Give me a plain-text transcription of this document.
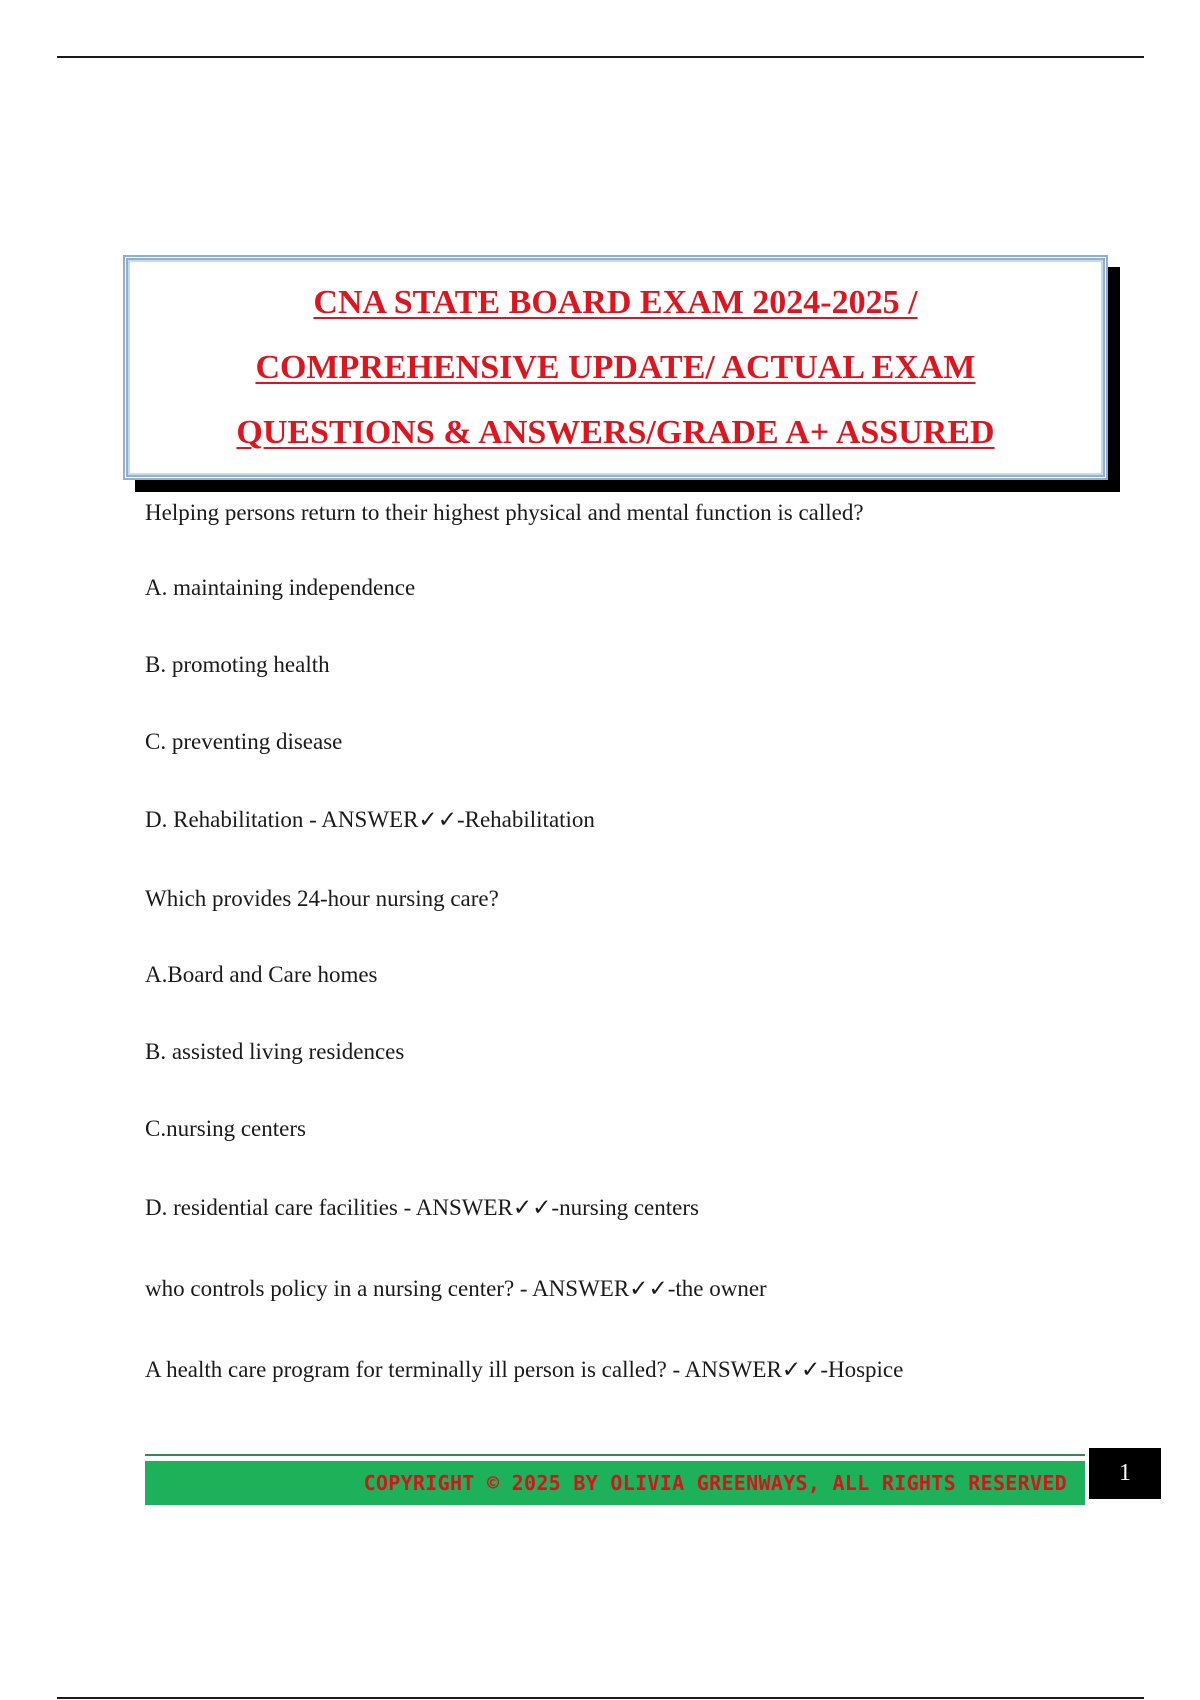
CNA STATE BOARD EXAM 2024-2025 /
COMPREHENSIVE UPDATE/ ACTUAL EXAM
QUESTIONS & ANSWERS/GRADE A+ ASSURED
Helping persons return to their highest physical and mental function is called?
A. maintaining independence
B. promoting health
C. preventing disease
D. Rehabilitation - ANSWER✓✓-Rehabilitation
Which provides 24-hour nursing care?
A.Board and Care homes
B. assisted living residences
C.nursing centers
D. residential care facilities - ANSWER✓✓-nursing centers
who controls policy in a nursing center? - ANSWER✓✓-the owner
A health care program for terminally ill person is called? - ANSWER✓✓-Hospice
COPYRIGHT © 2025 BY OLIVIA GREENWAYS, ALL RIGHTS RESERVED 1
